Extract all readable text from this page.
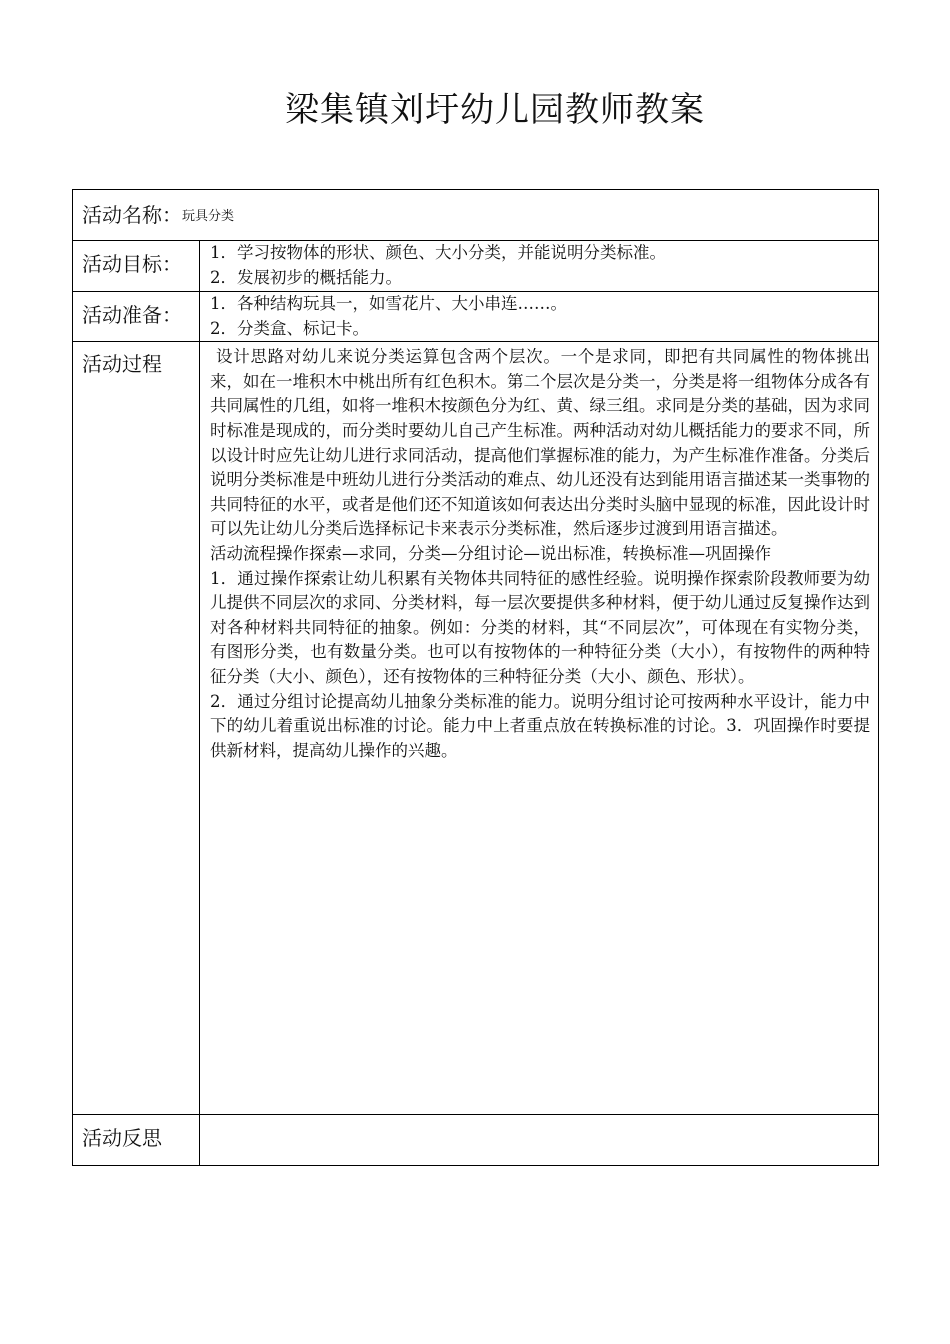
梁集镇刘圩幼儿园教师教案
活动名称：玩具分类	
活动目标：	1．学习按物体的形状、颜色、大小分类，并能说明分类标准。

2．发展初步的概括能力。

活动准备：	1．各种结构玩具一，如雪花片、大小串连……。

2．分类盒、标记卡。

活动过程	设计思路对幼儿来说分类运算包含两个层次。一个是求同，即把有共同属性的物体挑出来，如在一堆积木中桃出所有红色积木。第二个层次是分类一，分类是将一组物体分成各有共同属性的几组，如将一堆积木按颜色分为红、黄、绿三组。求同是分类的基础，因为求同时标准是现成的，而分类时要幼儿自己产生标准。两种活动对幼儿概括能力的要求不同，所以设计时应先让幼儿进行求同活动，提高他们掌握标准的能力，为产生标准作准备。分类后说明分类标准是中班幼儿进行分类活动的难点、幼儿还没有达到能用语言描述某一类事物的共同特征的水平，或者是他们还不知道该如何表达出分类时头脑中显现的标准，因此设计时可以先让幼儿分类后选择标记卡来表示分类标准，然后逐步过渡到用语言描述。

活动流程操作探索—求同，分类—分组讨论—说出标准，转换标准—巩固操作

1．通过操作探索让幼儿积累有关物体共同特征的感性经验。说明操作探索阶段教师要为幼儿提供不同层次的求同、分类材料，每一层次要提供多种材料，便于幼儿通过反复操作达到对各种材料共同特征的抽象。例如：分类的材料，其“不同层次”，可体现在有实物分类，有图形分类，也有数量分类。也可以有按物体的一种特征分类（大小），有按物件的两种特征分类（大小、颜色），还有按物体的三种特征分类（大小、颜色、形状）。

2．通过分组讨论提高幼儿抽象分类标准的能力。说明分组讨论可按两种水平设计，能力中下的幼儿着重说出标准的讨论。能力中上者重点放在转换标准的讨论。3．巩固操作时要提供新材料，提高幼儿操作的兴趣。

活动反思	
